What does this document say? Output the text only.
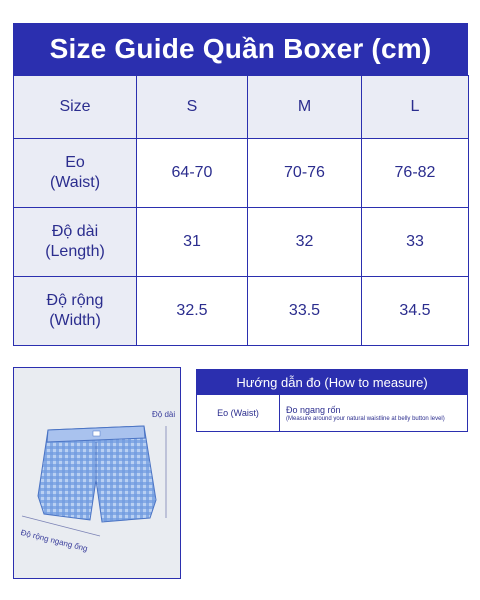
Size Guide Quần Boxer (cm)
Size	S	M	L

Eo
(Waist)	64-70	70-76	76-82

Độ dài
(Length)	31	32	33

Độ rộng
(Width)	32.5	33.5	34.5
Độ dài
Độ rộng ngang ống
Hướng dẫn đo (How to measure)
Eo (Waist)	Đo ngang rốn
(Measure around your natural waistline at belly button level)
